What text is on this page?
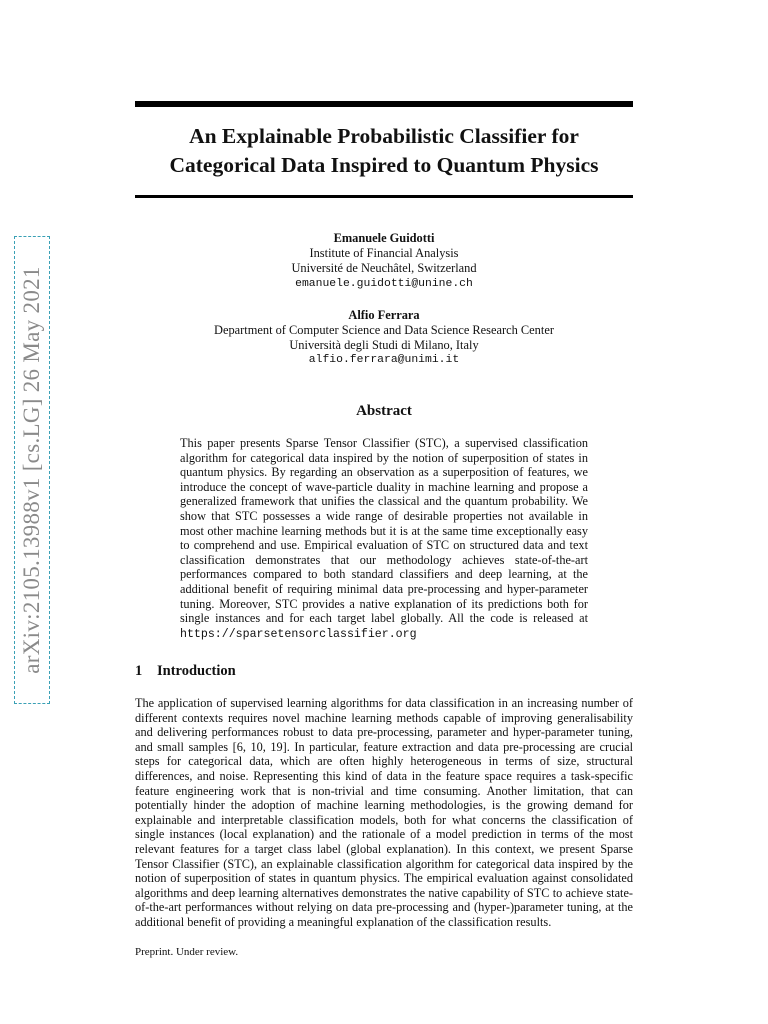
arXiv:2105.13988v1 [cs.LG] 26 May 2021
An Explainable Probabilistic Classifier for
Categorical Data Inspired to Quantum Physics
Emanuele Guidotti
Institute of Financial Analysis
Université de Neuchâtel, Switzerland
emanuele.guidotti@unine.ch
Alfio Ferrara
Department of Computer Science and Data Science Research Center
Università degli Studi di Milano, Italy
alfio.ferrara@unimi.it
Abstract
This paper presents Sparse Tensor Classifier (STC), a supervised classification algorithm for categorical data inspired by the notion of superposition of states in quantum physics. By regarding an observation as a superposition of features, we introduce the concept of wave-particle duality in machine learning and propose a generalized framework that unifies the classical and the quantum probability. We show that STC possesses a wide range of desirable properties not available in most other machine learning methods but it is at the same time exceptionally easy to comprehend and use. Empirical evaluation of STC on structured data and text classification demonstrates that our methodology achieves state-of-the-art performances compared to both standard classifiers and deep learning, at the additional benefit of requiring minimal data pre-processing and hyper-parameter tuning. Moreover, STC provides a native explanation of its predictions both for single instances and for each target label globally. All the code is released at https://sparsetensorclassifier.org
1 Introduction
The application of supervised learning algorithms for data classification in an increasing number of different contexts requires novel machine learning methods capable of improving generalisability and delivering performances robust to data pre-processing, parameter and hyper-parameter tuning, and small samples [6, 10, 19]. In particular, feature extraction and data pre-processing are crucial steps for categorical data, which are often highly heterogeneous in terms of size, structural differences, and noise. Representing this kind of data in the feature space requires a task-specific feature engineering work that is non-trivial and time consuming. Another limitation, that can potentially hinder the adoption of machine learning methodologies, is the growing demand for explainable and interpretable classification models, both for what concerns the classification of single instances (local explanation) and the rationale of a model prediction in terms of the most relevant features for a target class label (global explanation). In this context, we present Sparse Tensor Classifier (STC), an explainable classification algorithm for categorical data inspired by the notion of superposition of states in quantum physics. The empirical evaluation against consolidated algorithms and deep learning alternatives demonstrates the native capability of STC to achieve state-of-the-art performances without relying on data pre-processing and (hyper-)parameter tuning, at the additional benefit of providing a meaningful explanation of the classification results.
Preprint. Under review.
